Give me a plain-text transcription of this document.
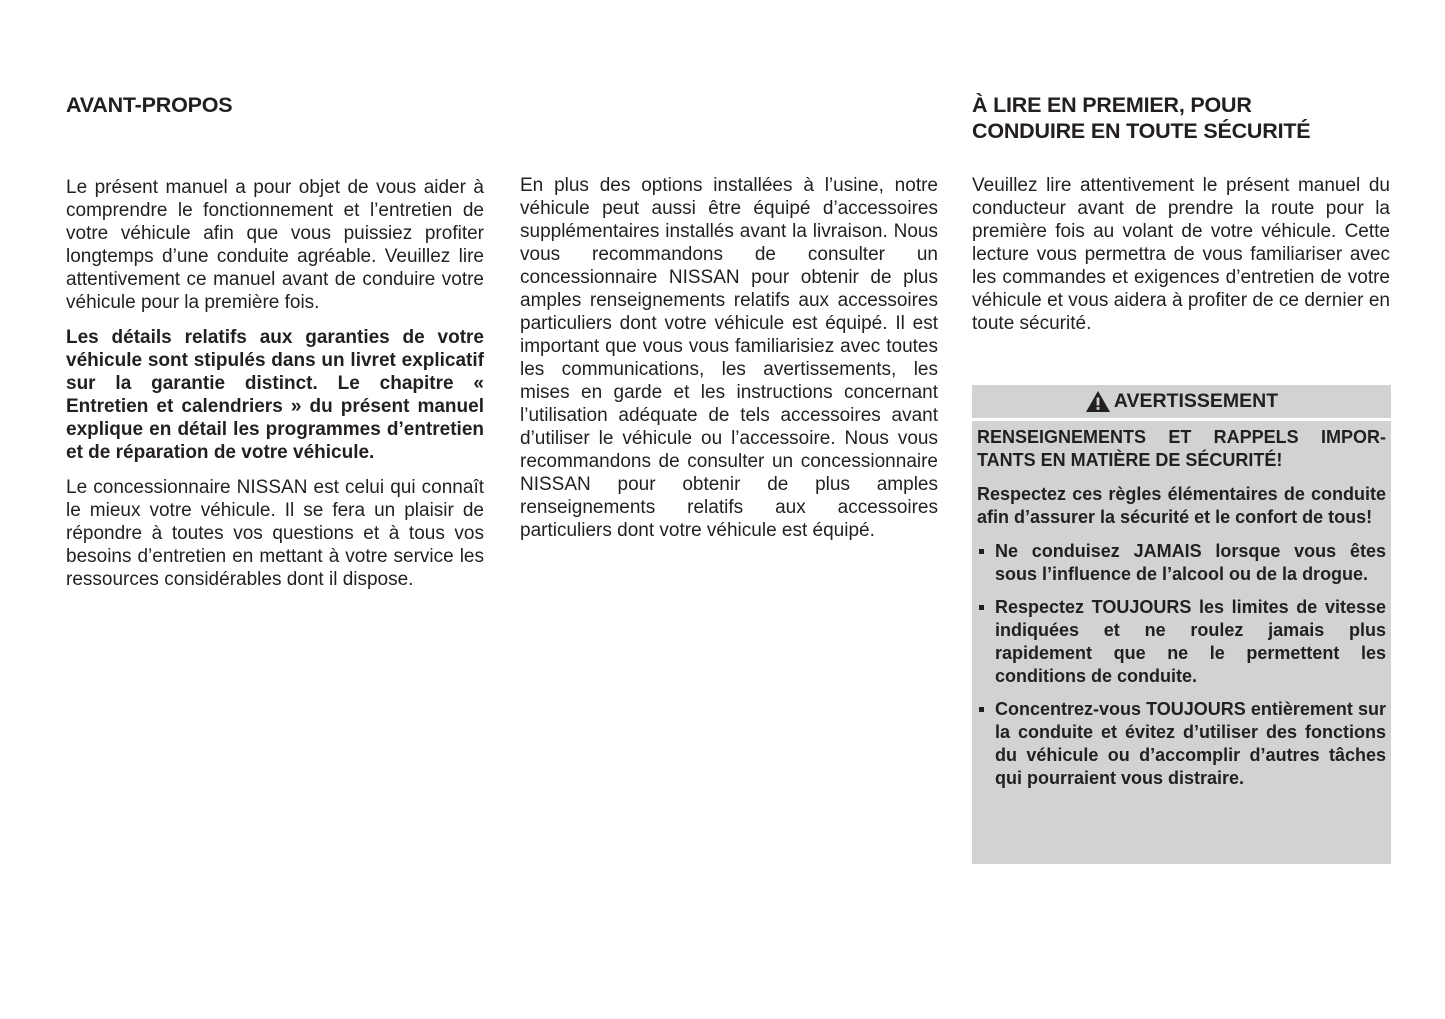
AVANT-PROPOS	À LIRE EN PREMIER, POUR
CONDUIRE EN TOUTE SÉCURITÉ

Le présent manuel a pour objet de vous aider à comprendre le fonctionnement et l’entretien de votre véhicule afin que vous puissiez profiter longtemps d’une conduite agréable. Veuillez lire attentivement ce manuel avant de conduire votre véhicule pour la première fois.

Les détails relatifs aux garanties de votre véhicule sont stipulés dans un livret explicatif sur la garantie distinct. Le chapitre « Entretien et calendriers » du présent manuel explique en détail les programmes d’entretien et de réparation de votre véhicule.

Le concessionnaire NISSAN est celui qui connaît le mieux votre véhicule. Il se fera un plaisir de répondre à toutes vos questions et à tous vos besoins d’entretien en mettant à votre service les ressources considérables dont il dispose.

En plus des options installées à l’usine, notre véhicule peut aussi être équipé d’accessoires supplémentaires installés avant la livraison. Nous vous recommandons de consulter un concessionnaire NISSAN pour obtenir de plus amples renseignements relatifs aux accessoires particuliers dont votre véhicule est équipé. Il est important que vous vous familiarisiez avec toutes les communications, les avertissements, les mises en garde et les instructions concernant l’utilisation adéquate de tels accessoires avant d’utiliser le véhicule ou l’accessoire. Nous vous recommandons de consulter un concessionnaire NISSAN pour obtenir de plus amples renseignements relatifs aux accessoires particuliers dont votre véhicule est équipé.

Veuillez lire attentivement le présent manuel du conducteur avant de prendre la route pour la première fois au volant de votre véhicule. Cette lecture vous permettra de vous familiariser avec les commandes et exigences d’entretien de votre véhicule et vous aidera à profiter de ce dernier en toute sécurité.

AVERTISSEMENT

RENSEIGNEMENTS ET RAPPELS IMPORTANTS EN MATIÈRE DE SÉCURITÉ!

Respectez ces règles élémentaires de conduite afin d’assurer la sécurité et le confort de tous!

Ne conduisez JAMAIS lorsque vous êtes sous l’influence de l’alcool ou de la drogue.
Respectez TOUJOURS les limites de vitesse indiquées et ne roulez jamais plus rapidement que ne le permettent les conditions de conduite.
Concentrez-vous TOUJOURS entièrement sur la conduite et évitez d’utiliser des fonctions du véhicule ou d’accomplir d’autres tâches qui pourraient vous distraire.
